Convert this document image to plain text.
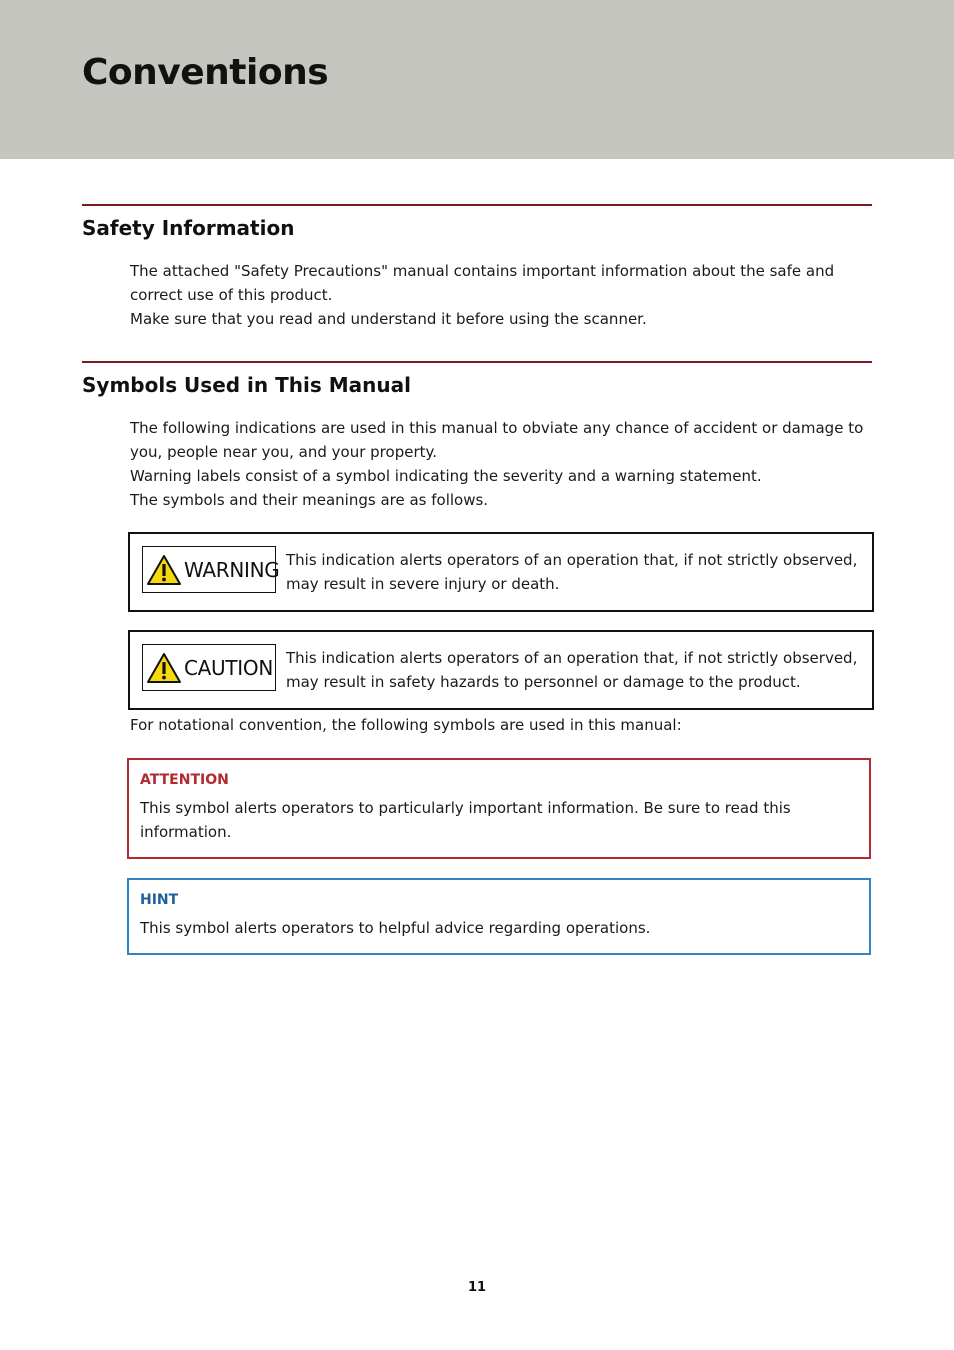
Conventions
Safety Information

The attached "Safety Precautions" manual contains important information about the safe and
correct use of this product.
Make sure that you read and understand it before using the scanner.

Symbols Used in This Manual

The following indications are used in this manual to obviate any chance of accident or damage to
you, people near you, and your property.
Warning labels consist of a symbol indicating the severity and a warning statement.
The symbols and their meanings are as follows.

WARNING This indication alerts operators of an operation that, if not strictly observed, may result in severe injury or death.
CAUTION This indication alerts operators of an operation that, if not strictly observed, may result in safety hazards to personnel or damage to the product.

For notational convention, the following symbols are used in this manual:

ATTENTION
This symbol alerts operators to particularly important information. Be sure to read this information.
HINT
This symbol alerts operators to helpful advice regarding operations.
11
